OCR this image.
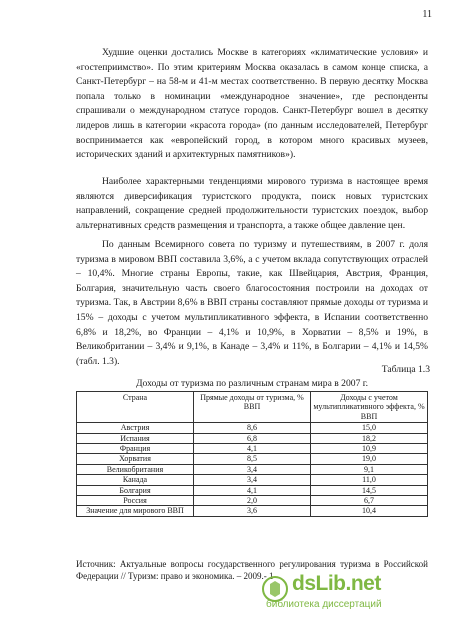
11

Худшие оценки достались Москве в категориях «климатические условия» и «гостеприимство». По этим критериям Москва оказалась в самом конце списка, а Санкт-Петербург – на 58-м и 41-м местах соответственно. В первую десятку Москва попала только в номинации «международное значение», где респонденты спрашивали о международном статусе городов. Санкт-Петербург вошел в десятку лидеров лишь в категории «красота города» (по данным исследователей, Петербург воспринимается как «европейский город, в котором много красивых музеев, исторических зданий и архитектурных памятников»).

Наиболее характерными тенденциями мирового туризма в настоящее время являются диверсификация туристского продукта, поиск новых туристских направлений, сокращение средней продолжительности туристских поездок, выбор альтернативных средств размещения и транспорта, а также общее давление цен.

По данным Всемирного совета по туризму и путешествиям, в 2007 г. доля туризма в мировом ВВП составила 3,6%, а с учетом вклада сопутствующих отраслей – 10,4%. Многие страны Европы, такие, как Швейцария, Австрия, Франция, Болгария, значительную часть своего благосостояния построили на доходах от туризма. Так, в Австрии 8,6% в ВВП страны составляют прямые доходы от туризма и 15% – доходы с учетом мультипликативного эффекта, в Испании соответственно 6,8% и 18,2%, во Франции – 4,1% и 10,9%, в Хорватии – 8,5% и 19%, в Великобритании – 3,4% и 9,1%, в Канаде – 3,4% и 11%, в Болгарии – 4,1% и 14,5% (табл. 1.3).

Таблица 1.3
Доходы от туризма по различным странам мира в 2007 г.
Страна	Прямые доходы от туризма, % ВВП	Доходы с учетом мультипликативного эффекта, % ВВП
Австрия	8,6	15,0
Испания	6,8	18,2
Франция	4,1	10,9
Хорватия	8,5	19,0
Великобритания	3,4	9,1
Канада	3,4	11,0
Болгария	4,1	14,5
Россия	2,0	6,7
Значение для мирового ВВП	3,6	10,4
Источник: Актуальные вопросы государственного регулирования туризма в Российской Федерации // Туризм: право и экономика. – 2009.- 1 dsLib.net
библиотека диссертаций
